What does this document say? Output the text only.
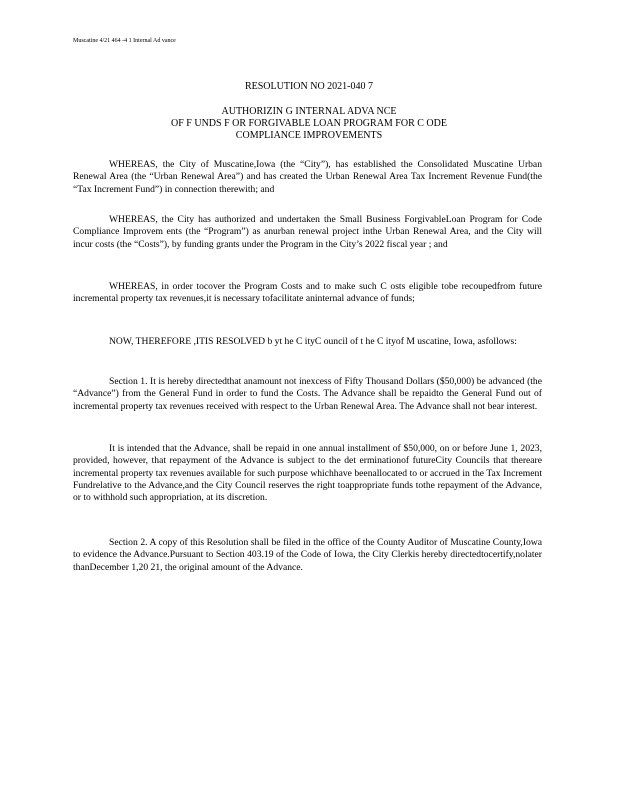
Muscatine 4/21 464 -4 1 Internal Ad vance
RESOLUTION NO 2021-040 7
AUTHORIZIN G INTERNAL ADVA NCE
OF F UNDS F OR FORGIVABLE LOAN PROGRAM FOR C ODE
COMPLIANCE IMPROVEMENTS

WHEREAS, the City of Muscatine,Iowa (the “City”), has established the Consolidated Muscatine Urban Renewal Area (the “Urban Renewal Area”) and has created the Urban Renewal Area Tax Increment Revenue Fund(the “Tax Increment Fund”) in connection therewith; and

WHEREAS, the City has authorized and undertaken the Small Business ForgivableLoan Program for Code Compliance Improvem ents (the “Program”) as anurban renewal project inthe Urban Renewal Area, and the City will incur costs (the “Costs”), by funding grants under the Program in the City’s 2022 fiscal year ; and

WHEREAS, in order tocover the Program Costs and to make such C osts eligible tobe recoupedfrom future incremental property tax revenues,it is necessary tofacilitate aninternal advance of funds;

NOW, THEREFORE ,ITIS RESOLVED b yt he C ityC ouncil of t he C ityof M uscatine, Iowa, asfollows:

Section 1. It is hereby directedthat anamount not inexcess of Fifty Thousand Dollars ($50,000) be advanced (the “Advance”) from the General Fund in order to fund the Costs. The Advance shall be repaidto the General Fund out of incremental property tax revenues received with respect to the Urban Renewal Area. The Advance shall not bear interest.

It is intended that the Advance, shall be repaid in one annual installment of $50,000, on or before June 1, 2023, provided, however, that repayment of the Advance is subject to the det erminationof futureCity Councils that thereare incremental property tax revenues available for such purpose whichhave beenallocated to or accrued in the Tax Increment Fundrelative to the Advance,and the City Council reserves the right toappropriate funds tothe repayment of the Advance, or to withhold such appropriation, at its discretion.

Section 2. A copy of this Resolution shall be filed in the office of the County Auditor of Muscatine County,Iowa to evidence the Advance.Pursuant to Section 403.19 of the Code of Iowa, the City Clerkis hereby directedtocertify,nolater thanDecember 1,20 21, the original amount of the Advance.
